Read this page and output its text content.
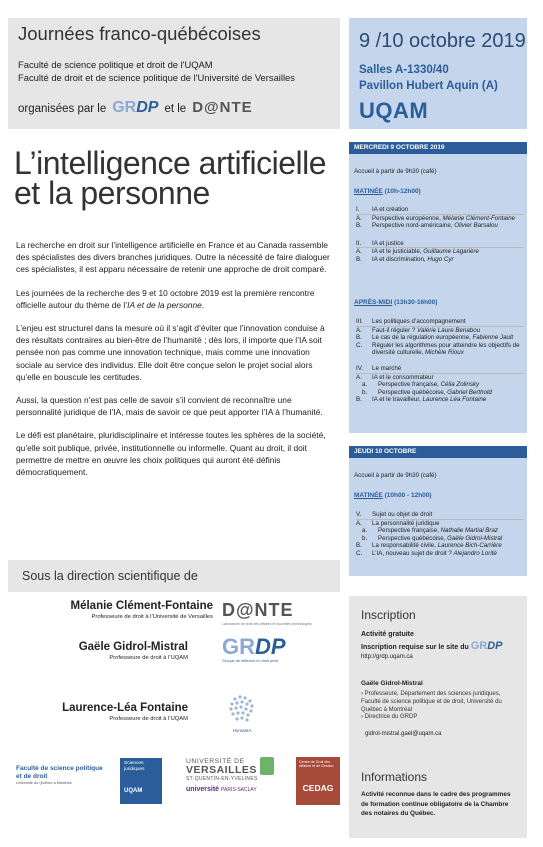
Journées franco-québécoises
Faculté de science politique et droit de l'UQAM
Faculté de droit et de science politique de l'Université de Versailles
organisées par le GRDP et le D@NTE
9 /10 octobre 2019
Salles A-1330/40
Pavillon Hubert Aquin (A)
UQAM
L’intelligence artificielle
et la personne

La recherche en droit sur l’intelligence artificielle en France et au Canada rassemble des spécialistes des divers branches juridiques. Outre la nécessité de faire dialoguer ces spécialistes, il est apparu nécessaire de retenir une approche de droit comparé.

Les journées de la recherche des 9 et 10 octobre 2019 est la première rencontre officielle autour du thème de l’IA et de la personne.

L’enjeu est structurel dans la mesure où il s’agit d’éviter que l’innovation conduise à des résultats contraires au bien-être de l’humanité ; dès lors, il importe que l’IA soit pensée non pas comme une innovation technique, mais comme une innovation sociale au service des individus. Elle doit être conçue selon le projet social alors qu’elle en bouscule les certitudes.

Aussi, la question n’est pas celle de savoir s’il convient de reconnaître une personnalité juridique de l’IA, mais de savoir ce que peut apporter l’IA à l’humanité.

Le défi est planétaire, pluridisciplinaire et intéresse toutes les sphères de la société, qu’elle soit publique, privée, institutionnelle ou informelle. Quant au droit, il doit permettre de mettre en œuvre les choix politiques qui auront été définis démocratiquement.

Sous la direction scientifique de
Mélanie Clément-Fontaine
Professeure de droit à l’Université de Versailles D@NTE
Laboratoire de droit des affaires et nouvelles technologies
Gaële Gidrol-Mistral
Professeure de droit à l’UQAM GRDP
Groupe de réflexion en droit privé
Laurence-Léa Fontaine
Professeure de droit à l’UQAM
HumanIA
MERCREDI 9 OCTOBRE 2019
Accueil à partir de 9h30 (café)
MATINÉE (10h-12h00)
I.	IA et création
A.	Perspective européenne, Mélanie Clément-Fontaine
B.	Perspective nord-américaine, Olivier Barsalou
II.	IA et justice
A.	IA et le justiciable, Guillaume Lagarière
B.	IA et discrimination, Hugo Cyr
APRÈS-MIDI (13h30-16h00)
III.	Les politiques d’accompagnement
A.	Faut-il réguler ? Valérie Laure Benabou
B.	Le cas de la régulation européenne, Fabienne Jault
C.	Réguler les algorithmes pour atteindre les objectifs de diversité culturelle, Michèle Rioux
IV.	Le marché
A.	IA et le consommateur
a.	Perspective française, Célia Zolinsky
b.	Perspective québécoise, Gabriel Berthold
B.	IA et le travailleur, Laurence Léa Fontaine
JEUDI 10 OCTOBRE
Accueil à partir de 9h30 (café)
MATINÉE (10h00 - 12h00)
V.	Sujet ou objet de droit
A.	La personnalité juridique
a.	Perspective française, Nathalie Martial Braz
b.	Perspective québécoise, Gaële Gidrol-Mistral
B.	La responsabilité civile, Laurence Bich-Carrière
C.	L’IA, nouveau sujet de droit ? Alejandro Lorité
Inscription
Activité gratuite
Inscription requise sur le site du GRDP
http://grdp.uqam.ca
Gaële Gidrol-Mistral
› Professeure, Département des sciences juridiques, Faculté de science politique et de droit, Université du Québec à Montréal
› Directrice du GRDP
gidrol-mistral.gael@uqam.ca
Informations
Activité reconnue dans le cadre des programmes de formation continue obligatoire de la Chambre des notaires du Québec.
Faculté de science politique
et de droit
Université du Québec à Montréal
Sciences
juridiques
UQAM
UNIVERSITÉ DE
VERSAILLES
ST-QUENTIN-EN-YVELINES
université PARIS-SACLAY
Centre de Droit des Affaires et de Gestion
CEDAG
